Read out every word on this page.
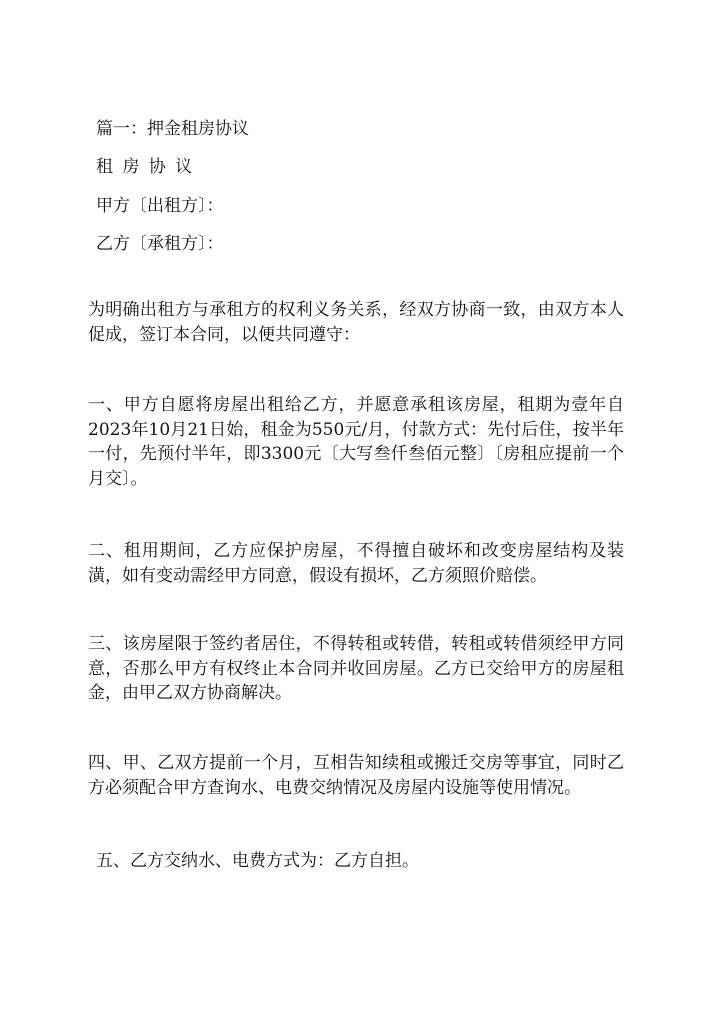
篇一：押金租房协议
租 房 协 议
甲方〔出租方〕：
乙方〔承租方〕：

为明确出租方与承租方的权利义务关系，经双方协商一致，由双方本人促成，签订本合同，以便共同遵守：

一、甲方自愿将房屋出租给乙方，并愿意承租该房屋，租期为壹年自2023年10月21日始，租金为550元/月，付款方式：先付后住，按半年一付，先预付半年，即3300元〔大写叁仟叁佰元整〕〔房租应提前一个月交〕。

二、租用期间，乙方应保护房屋，不得擅自破坏和改变房屋结构及装潢，如有变动需经甲方同意，假设有损坏，乙方须照价赔偿。

三、该房屋限于签约者居住，不得转租或转借，转租或转借须经甲方同意，否那么甲方有权终止本合同并收回房屋。乙方已交给甲方的房屋租金，由甲乙双方协商解决。

四、甲、乙双方提前一个月，互相告知续租或搬迁交房等事宜，同时乙方必须配合甲方查询水、电费交纳情况及房屋内设施等使用情况。

五、乙方交纳水、电费方式为：乙方自担。
